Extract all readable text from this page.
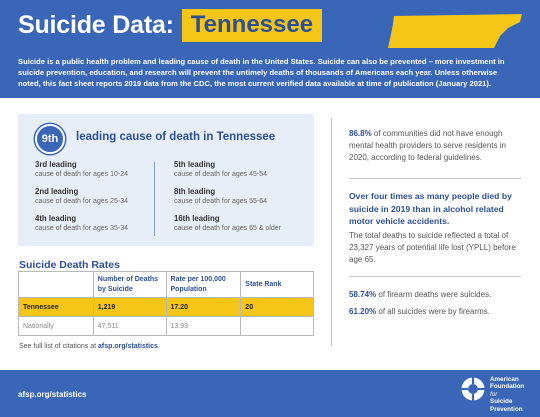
Suicide Data: Tennessee

Suicide is a public health problem and leading cause of death in the United States. Suicide can also be prevented – more investment in suicide prevention, education, and research will prevent the untimely deaths of thousands of Americans each year. Unless otherwise noted, this fact sheet reports 2019 data from the CDC, the most current verified data available at time of publication (January 2021).

9th	leading cause of death in Tennessee
3rd leading
cause of death for ages 10-24
2nd leading
cause of death for ages 25-34
4th leading
cause of death for ages 35-34
5th leading
cause of death for ages 45-54
8th leading
cause of death for ages 55-64
16th leading
cause of death for ages 65 & older
Suicide Death Rates
	Number of Deaths by Suicide	Rate per 100,000 Population	State Rank
Tennessee	1,219	17.20	20
Nationally	47,511	13.93	
See full list of citations at afsp.org/statistics.
86.8% of communities did not have enough mental health providers to serve residents in 2020, according to federal guidelines.
Over four times as many people died by suicide in 2019 than in alcohol related motor vehicle accidents.
The total deaths to suicide reflected a total of 23,327 years of potential life lost (YPLL) before age 65.
58.74% of firearm deaths were suicides.
61.20% of all suicides were by firearms.
afsp.org/statistics
American
Foundation
for
Suicide
Prevention
